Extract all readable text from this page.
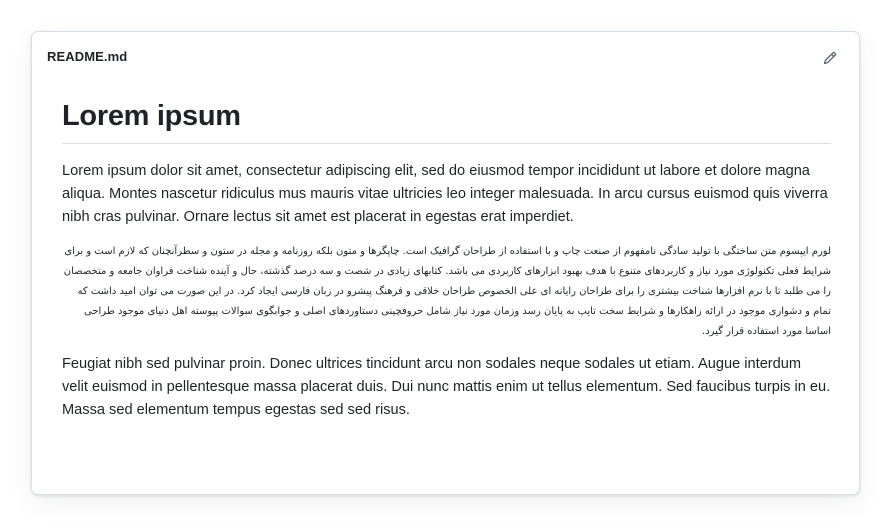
README.md
Lorem ipsum

Lorem ipsum dolor sit amet, consectetur adipiscing elit, sed do eiusmod tempor incididunt ut labore et dolore magna aliqua. Montes nascetur ridiculus mus mauris vitae ultricies leo integer malesuada. In arcu cursus euismod quis viverra nibh cras pulvinar. Ornare lectus sit amet est placerat in egestas erat imperdiet.

لورم ایپسوم متن ساختگی با تولید سادگی نامفهوم از صنعت چاپ و با استفاده از طراحان گرافیک است. چاپگرها و متون بلکه روزنامه و مجله در ستون و سطرآنچنان که لازم است و برای شرایط فعلی تکنولوژی مورد نیاز و کاربردهای متنوع با هدف بهبود ابزارهای کاربردی می باشد. کتابهای زیادی در شصت و سه درصد گذشته، حال و آینده شناخت فراوان جامعه و متخصصان را می طلبد تا با نرم افزارها شناخت بیشتری را برای طراحان رایانه ای علی الخصوص طراحان خلاقی و فرهنگ پیشرو در زبان فارسی ایجاد کرد. در این صورت می توان امید داشت که تمام و دشواری موجود در ارائه راهکارها و شرایط سخت تایپ به پایان رسد وزمان مورد نیاز شامل حروفچینی دستاوردهای اصلی و جوابگوی سوالات پیوسته اهل دنیای موجود طراحی اساسا مورد استفاده قرار گیرد.

Feugiat nibh sed pulvinar proin. Donec ultrices tincidunt arcu non sodales neque sodales ut etiam. Augue interdum velit euismod in pellentesque massa placerat duis. Dui nunc mattis enim ut tellus elementum. Sed faucibus turpis in eu. Massa sed elementum tempus egestas sed sed risus.
